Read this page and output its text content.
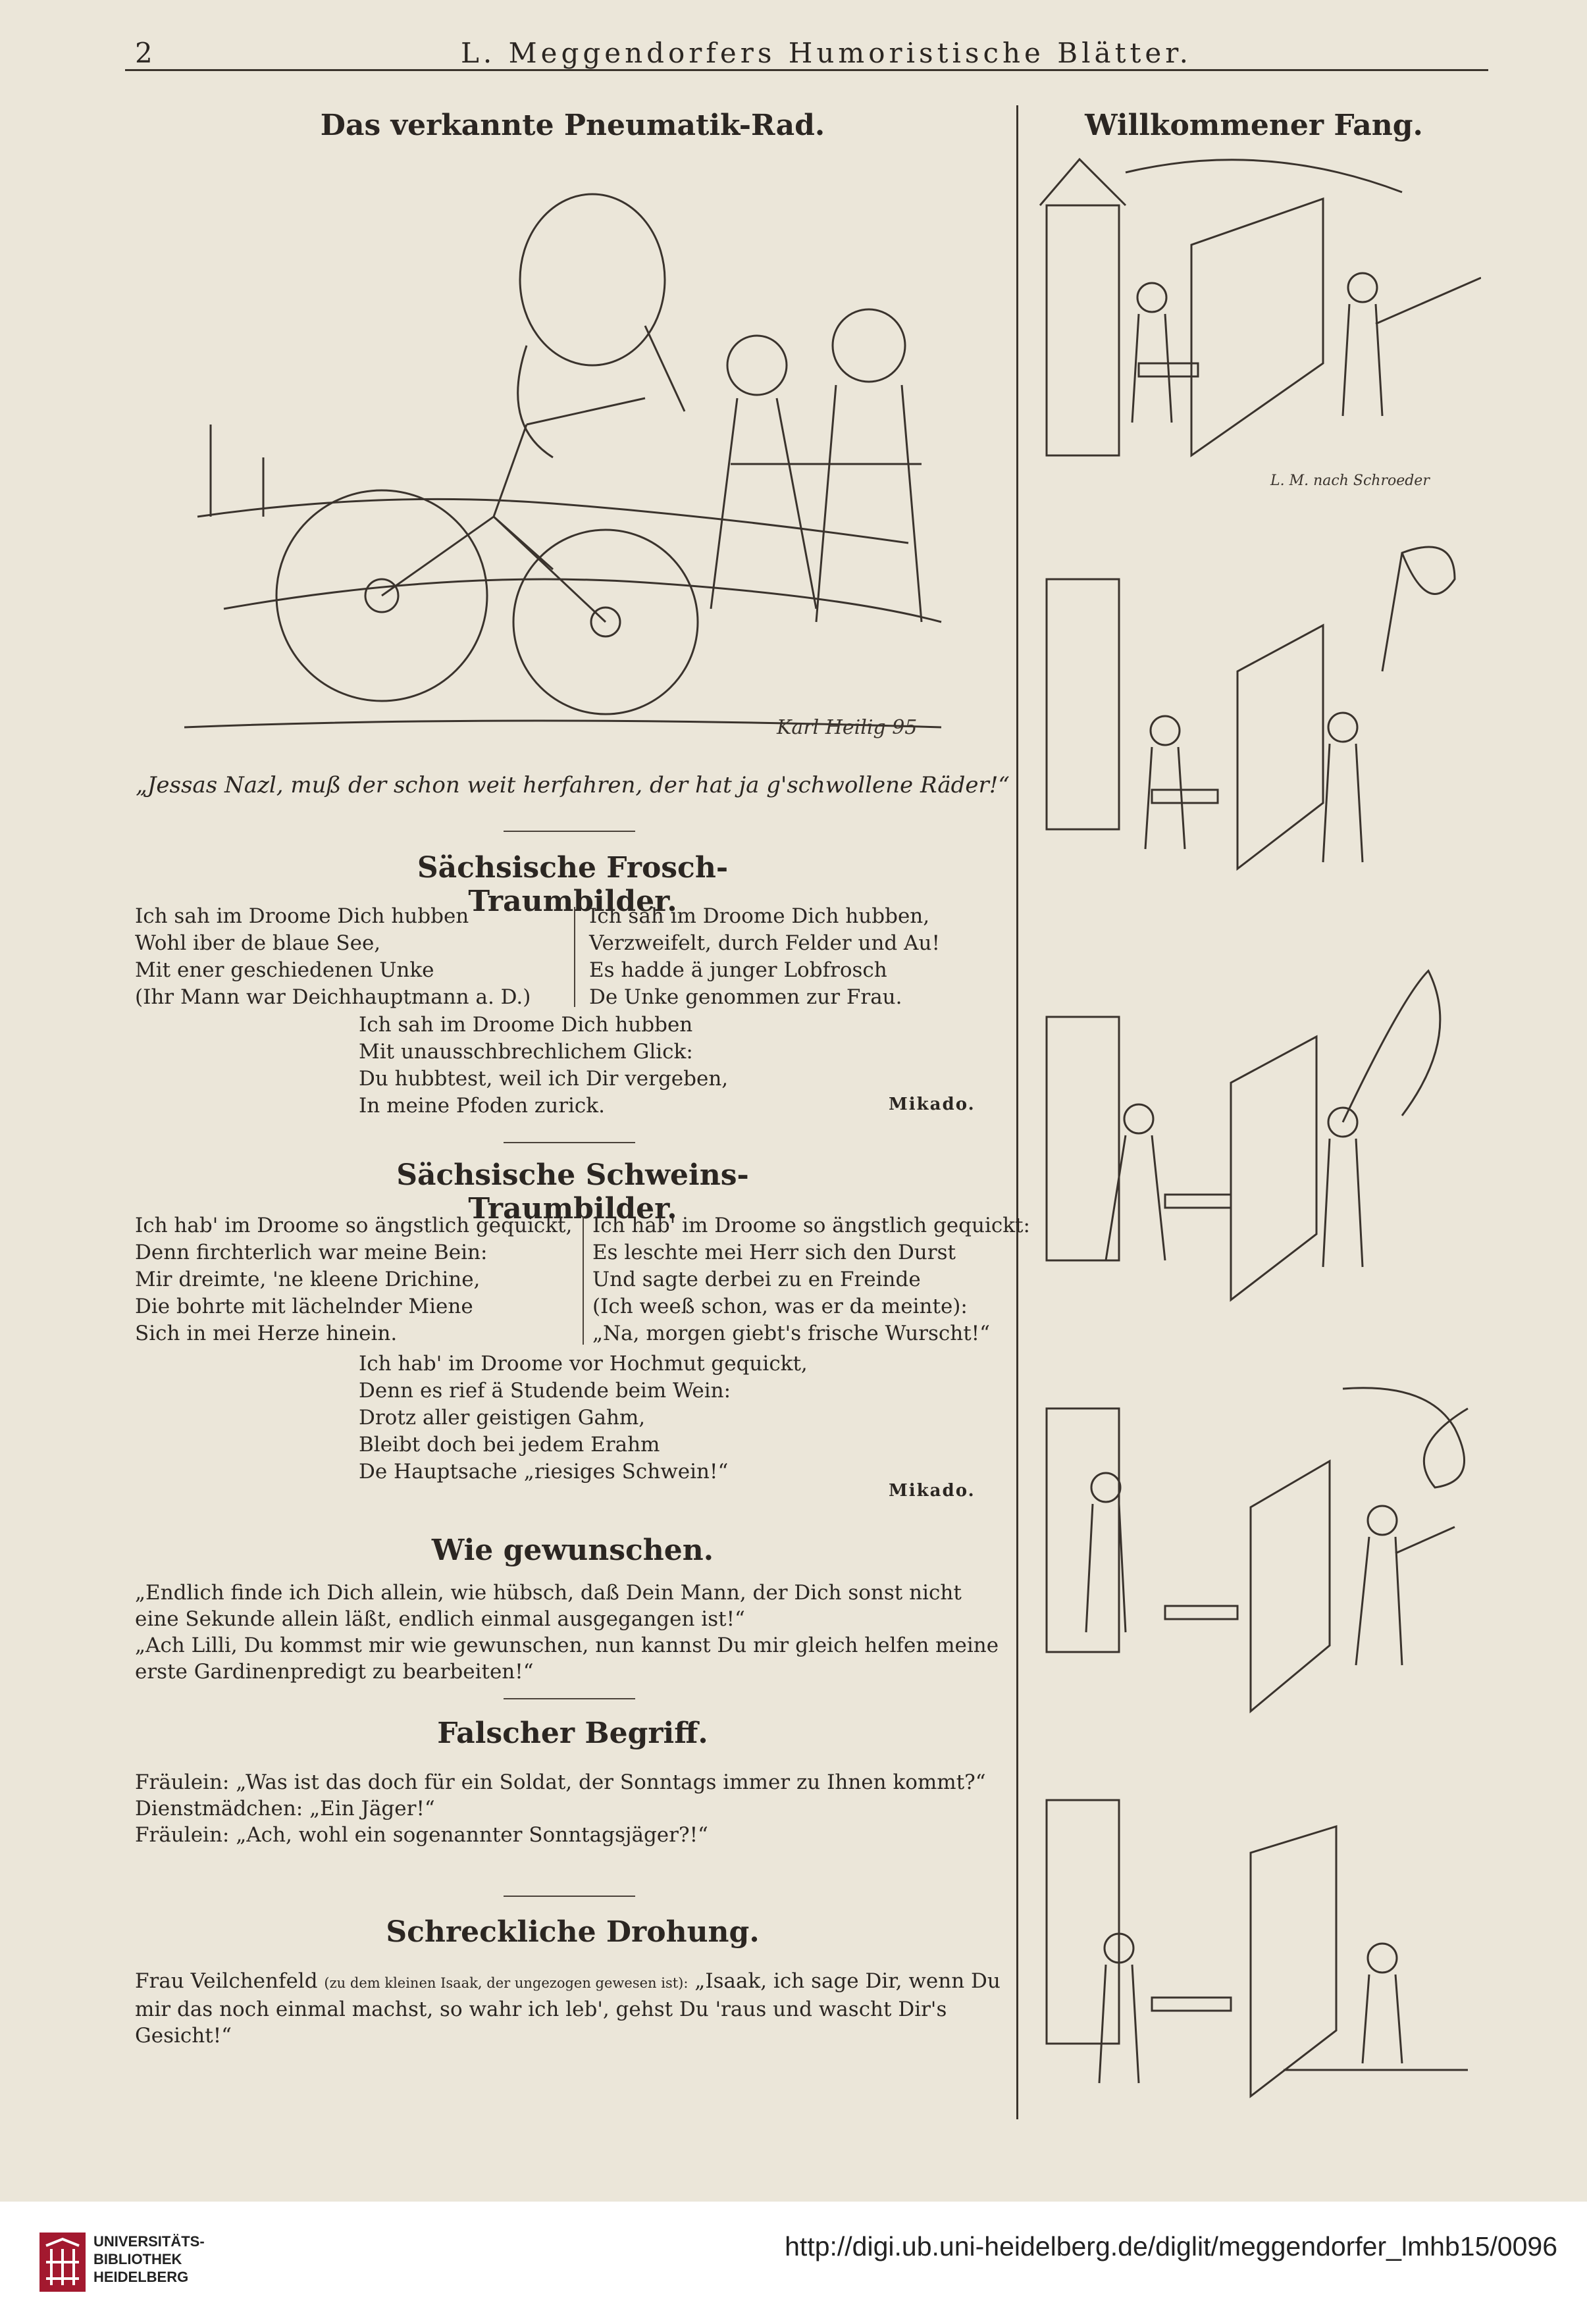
2	L. Meggendorfers Humoristische Blätter.
Das verkannte Pneumatik-Rad.
Karl Heilig 95
„Jessas Nazl, muß der schon weit herfahren, der hat ja g'schwollene Räder!“
Sächsische Frosch-Traumbilder.
Ich sah im Droome Dich hubben
Wohl iber de blaue See,
Mit ener geschiedenen Unke
(Ihr Mann war Deichhauptmann a. D.)
Ich sah im Droome Dich hubben,
Verzweifelt, durch Felder und Au!
Es hadde ä junger Lobfrosch
De Unke genommen zur Frau.
Ich sah im Droome Dich hubben
Mit unausschbrechlichem Glick:
Du hubbtest, weil ich Dir vergeben,
In meine Pfoden zurick.	Mikado.
Sächsische Schweins-Traumbilder.
Ich hab' im Droome so ängstlich gequickt,
Denn firchterlich war meine Bein:
Mir dreimte, 'ne kleene Drichine,
Die bohrte mit lächelnder Miene
Sich in mei Herze hinein.
Ich hab' im Droome so ängstlich gequickt:
Es leschte mei Herr sich den Durst
Und sagte derbei zu en Freinde
(Ich weeß schon, was er da meinte):
„Na, morgen giebt's frische Wurscht!“
Ich hab' im Droome vor Hochmut gequickt,
Denn es rief ä Studende beim Wein:
Drotz aller geistigen Gahm,
Bleibt doch bei jedem Erahm
De Hauptsache „riesiges Schwein!“
Mikado.
Wie gewunschen.

„Endlich finde ich Dich allein, wie hübsch, daß Dein Mann, der Dich sonst nicht eine Sekunde allein läßt, endlich einmal ausgegangen ist!“

„Ach Lilli, Du kommst mir wie gewunschen, nun kannst Du mir gleich helfen meine erste Gardinenpredigt zu bearbeiten!“

Falscher Begriff.

Fräulein: „Was ist das doch für ein Soldat, der Sonntags immer zu Ihnen kommt?“

Dienstmädchen: „Ein Jäger!“

Fräulein: „Ach, wohl ein sogenannter Sonntagsjäger?!“

Schreckliche Drohung.

Frau Veilchenfeld (zu dem kleinen Isaak, der ungezogen gewesen ist): „Isaak, ich sage Dir, wenn Du mir das noch einmal machst, so wahr ich leb', gehst Du 'raus und wascht Dir's Gesicht!“

Willkommener Fang.
L. M. nach Schroeder
UNIVERSITÄTS-
BIBLIOTHEK
HEIDELBERG
http://digi.ub.uni-heidelberg.de/diglit/meggendorfer_lmhb15/0096
